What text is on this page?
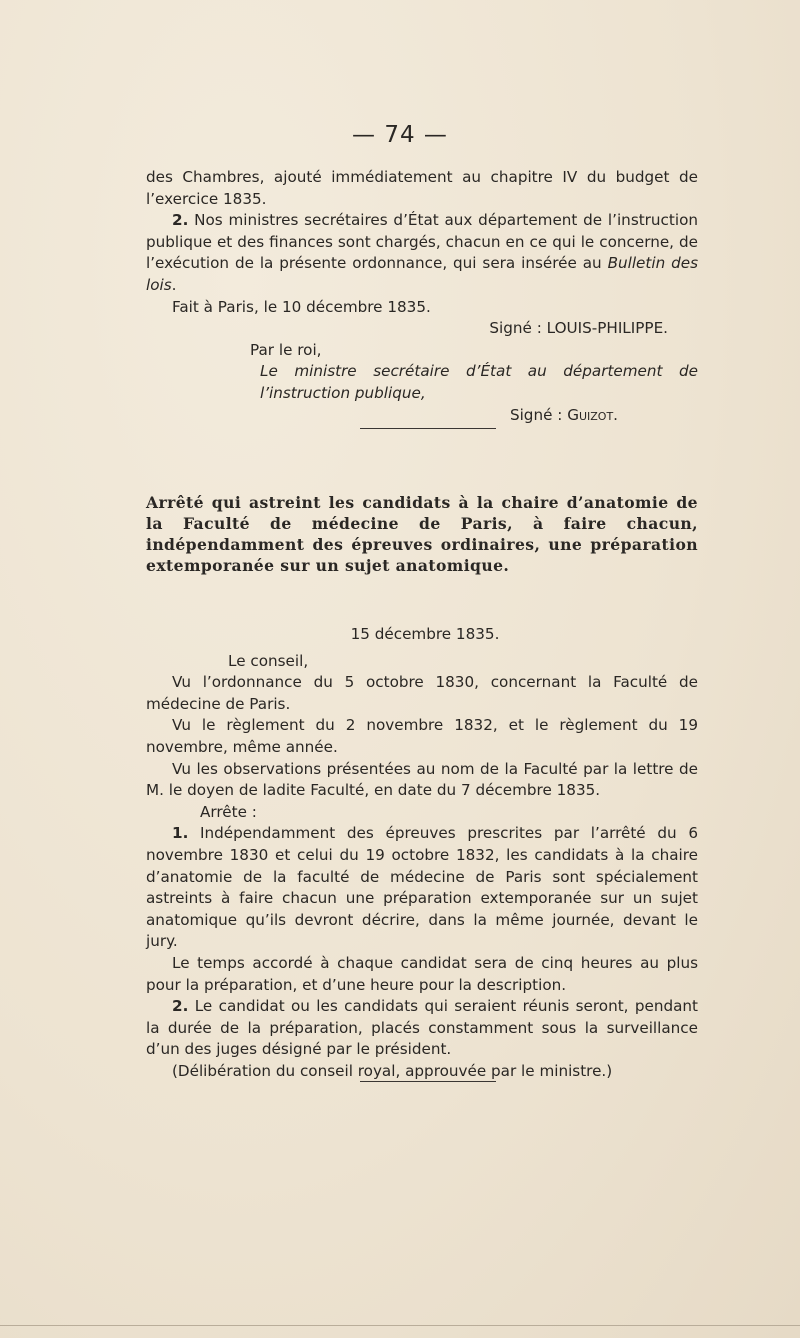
— 74 —

des Chambres, ajouté immédiatement au chapitre IV du budget de l’exercice 1835.

2. Nos ministres secrétaires d’État aux département de l’instruction publique et des finances sont chargés, chacun en ce qui le concerne, de l’exécution de la présente ordonnance, qui sera insérée au Bulletin des lois.

Fait à Paris, le 10 décembre 1835.

Signé : LOUIS-PHILIPPE.

Par le roi,

Le ministre secrétaire d’État au département de l’instruction publique,

Signé : Guizot.

Arrêté qui astreint les candidats à la chaire d’anatomie de la Faculté de médecine de Paris, à faire chacun, indépendamment des épreuves ordinaires, une préparation extemporanée sur un sujet anatomique.

15 décembre 1835.

Le conseil,

Vu l’ordonnance du 5 octobre 1830, concernant la Faculté de médecine de Paris.

Vu le règlement du 2 novembre 1832, et le règlement du 19 novembre, même année.

Vu les observations présentées au nom de la Faculté par la lettre de M. le doyen de ladite Faculté, en date du 7 décembre 1835.

Arrête :

1. Indépendamment des épreuves prescrites par l’arrêté du 6 novembre 1830 et celui du 19 octobre 1832, les candidats à la chaire d’anatomie de la faculté de médecine de Paris sont spécialement astreints à faire chacun une préparation extemporanée sur un sujet anatomique qu’ils devront décrire, dans la même journée, devant le jury.

Le temps accordé à chaque candidat sera de cinq heures au plus pour la préparation, et d’une heure pour la description.

2. Le candidat ou les candidats qui seraient réunis seront, pendant la durée de la préparation, placés constamment sous la surveillance d’un des juges désigné par le président.

(Délibération du conseil royal, approuvée par le ministre.)
